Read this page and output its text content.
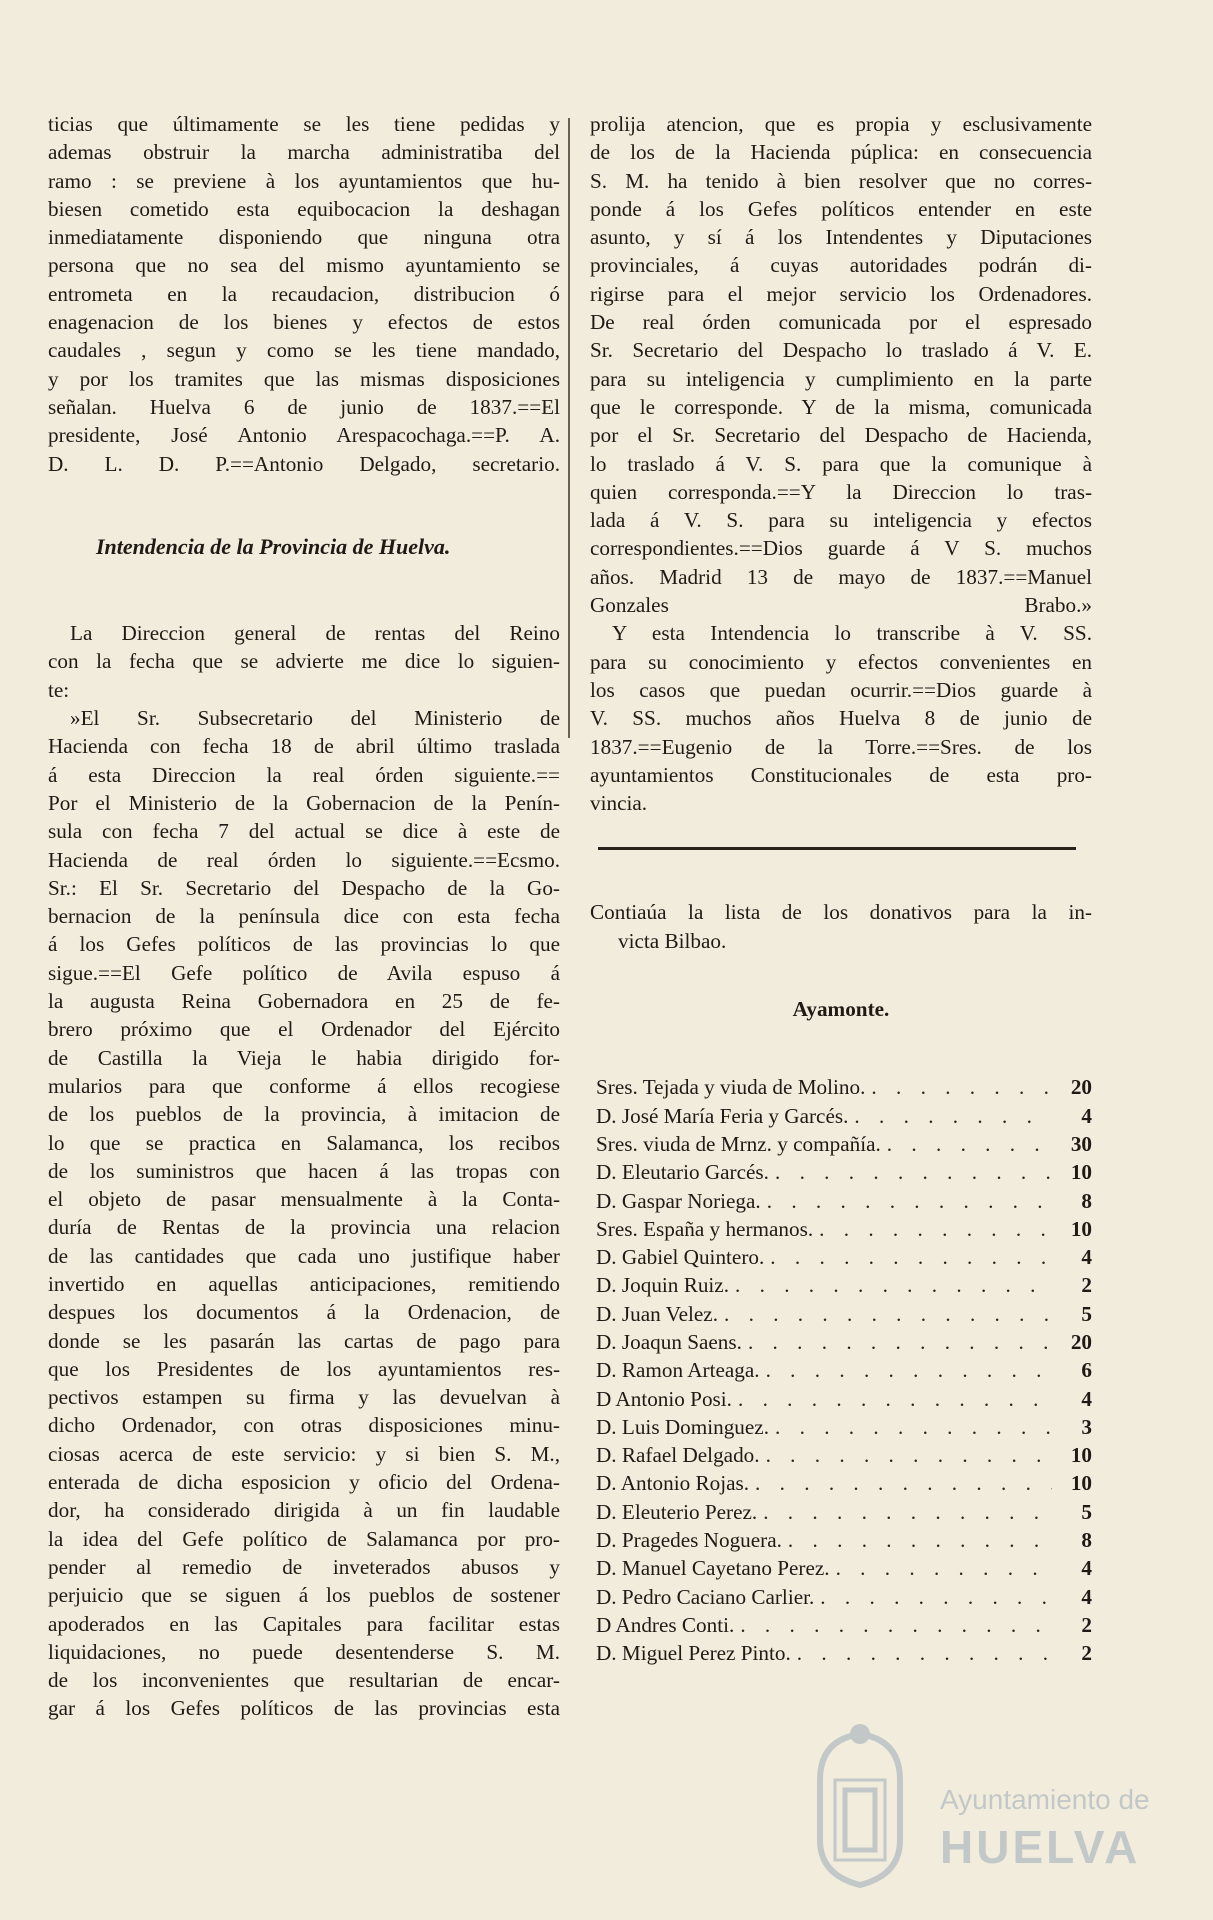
ticias que últimamente se les tiene pedidas y
ademas obstruir la marcha administratiba del
ramo : se previene à los ayuntamientos que hu-
biesen cometido esta equibocacion la deshagan
inmediatamente disponiendo que ninguna otra
persona que no sea del mismo ayuntamiento se
entrometa en la recaudacion, distribucion ó
enagenacion de los bienes y efectos de estos
caudales , segun y como se les tiene mandado,
y por los tramites que las mismas disposiciones
señalan. Huelva 6 de junio de 1837.==El
presidente, José Antonio Arespacochaga.==P. A.
D. L. D. P.==Antonio Delgado, secretario.
Intendencia de la Provincia de Huelva.
La Direccion general de rentas del Reino
con la fecha que se advierte me dice lo siguien-
te:
»El Sr. Subsecretario del Ministerio de
Hacienda con fecha 18 de abril último traslada
á esta Direccion la real órden siguiente.==
Por el Ministerio de la Gobernacion de la Penín-
sula con fecha 7 del actual se dice à este de
Hacienda de real órden lo siguiente.==Ecsmo.
Sr.: El Sr. Secretario del Despacho de la Go-
bernacion de la península dice con esta fecha
á los Gefes políticos de las provincias lo que
sigue.==El Gefe político de Avila espuso á
la augusta Reina Gobernadora en 25 de fe-
brero próximo que el Ordenador del Ejército
de Castilla la Vieja le habia dirigido for-
mularios para que conforme á ellos recogiese
de los pueblos de la provincia, à imitacion de
lo que se practica en Salamanca, los recibos
de los suministros que hacen á las tropas con
el objeto de pasar mensualmente à la Conta-
duría de Rentas de la provincia una relacion
de las cantidades que cada uno justifique haber
invertido en aquellas anticipaciones, remitiendo
despues los documentos á la Ordenacion, de
donde se les pasarán las cartas de pago para
que los Presidentes de los ayuntamientos res-
pectivos estampen su firma y las devuelvan à
dicho Ordenador, con otras disposiciones minu-
ciosas acerca de este servicio: y si bien S. M.,
enterada de dicha esposicion y oficio del Ordena-
dor, ha considerado dirigida à un fin laudable
la idea del Gefe político de Salamanca por pro-
pender al remedio de inveterados abusos y
perjuicio que se siguen á los pueblos de sostener
apoderados en las Capitales para facilitar estas
liquidaciones, no puede desentenderse S. M.
de los inconvenientes que resultarian de encar-
gar á los Gefes políticos de las provincias esta
prolija atencion, que es propia y esclusivamente
de los de la Hacienda púplica: en consecuencia
S. M. ha tenido à bien resolver que no corres-
ponde á los Gefes políticos entender en este
asunto, y sí á los Intendentes y Diputaciones
provinciales, á cuyas autoridades podrán di-
rigirse para el mejor servicio los Ordenadores.
De real órden comunicada por el espresado
Sr. Secretario del Despacho lo traslado á V. E.
para su inteligencia y cumplimiento en la parte
que le corresponde. Y de la misma, comunicada
por el Sr. Secretario del Despacho de Hacienda,
lo traslado á V. S. para que la comunique à
quien corresponda.==Y la Direccion lo tras-
lada á V. S. para su inteligencia y efectos
correspondientes.==Dios guarde á V S. muchos
años. Madrid 13 de mayo de 1837.==Manuel
Gonzales Brabo.»
Y esta Intendencia lo transcribe à V. SS.
para su conocimiento y efectos convenientes en
los casos que puedan ocurrir.==Dios guarde à
V. SS. muchos años Huelva 8 de junio de
1837.==Eugenio de la Torre.==Sres. de los
ayuntamientos Constitucionales de esta pro-
vincia.
Contiaúa la lista de los donativos para la in-
victa Bilbao.
Ayamonte.
Sres. Tejada y viuda de Molino. . . .	20
D. José María Feria y Garcés. . . .	4
Sres. viuda de Mrnz. y compañía. . . .	30
D. Eleutario Garcés. . . .	10
D. Gaspar Noriega. . . .	8
Sres. España y hermanos. . . .	10
D. Gabiel Quintero. . . .	4
D. Joquin Ruiz. . . .	2
D. Juan Velez. . . .	5
D. Joaqun Saens. . . .	20
D. Ramon Arteaga. . . .	6
D Antonio Posi. . . .	4
D. Luis Dominguez. . . .	3
D. Rafael Delgado. . . .	10
D. Antonio Rojas. . . .	10
D. Eleuterio Perez. . . .	5
D. Pragedes Noguera. . . .	8
D. Manuel Cayetano Perez. . . .	4
D. Pedro Caciano Carlier. . . .	4
D Andres Conti. . . .	2
D. Miguel Perez Pinto. . . .	2
Ayuntamiento de
HUELVA
